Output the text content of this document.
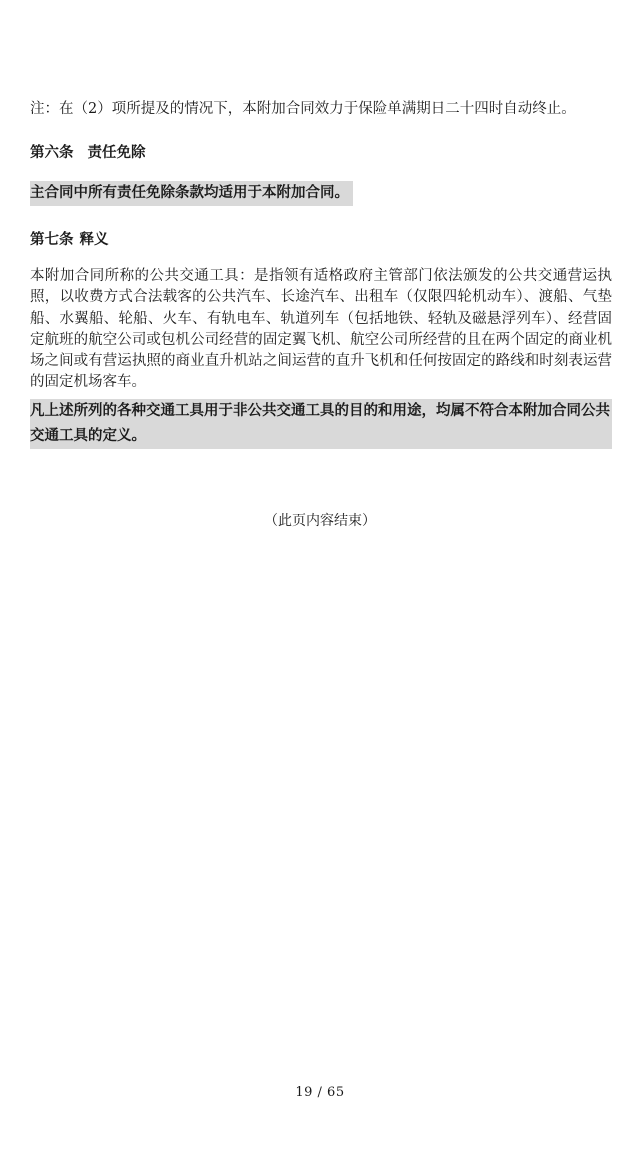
注：在（2）项所提及的情况下，本附加合同效力于保险单满期日二十四时自动终止。
第六条 责任免除
主合同中所有责任免除条款均适用于本附加合同。
第七条 释义
本附加合同所称的公共交通工具：是指领有适格政府主管部门依法颁发的公共交通营运执照，以收费方式合法载客的公共汽车、长途汽车、出租车（仅限四轮机动车）、渡船、气垫船、水翼船、轮船、火车、有轨电车、轨道列车（包括地铁、轻轨及磁悬浮列车）、经营固定航班的航空公司或包机公司经营的固定翼飞机、航空公司所经营的且在两个固定的商业机场之间或有营运执照的商业直升机站之间运营的直升飞机和任何按固定的路线和时刻表运营的固定机场客车。
凡上述所列的各种交通工具用于非公共交通工具的目的和用途，均属不符合本附加合同公共交通工具的定义。
（此页内容结束）
19 / 65
